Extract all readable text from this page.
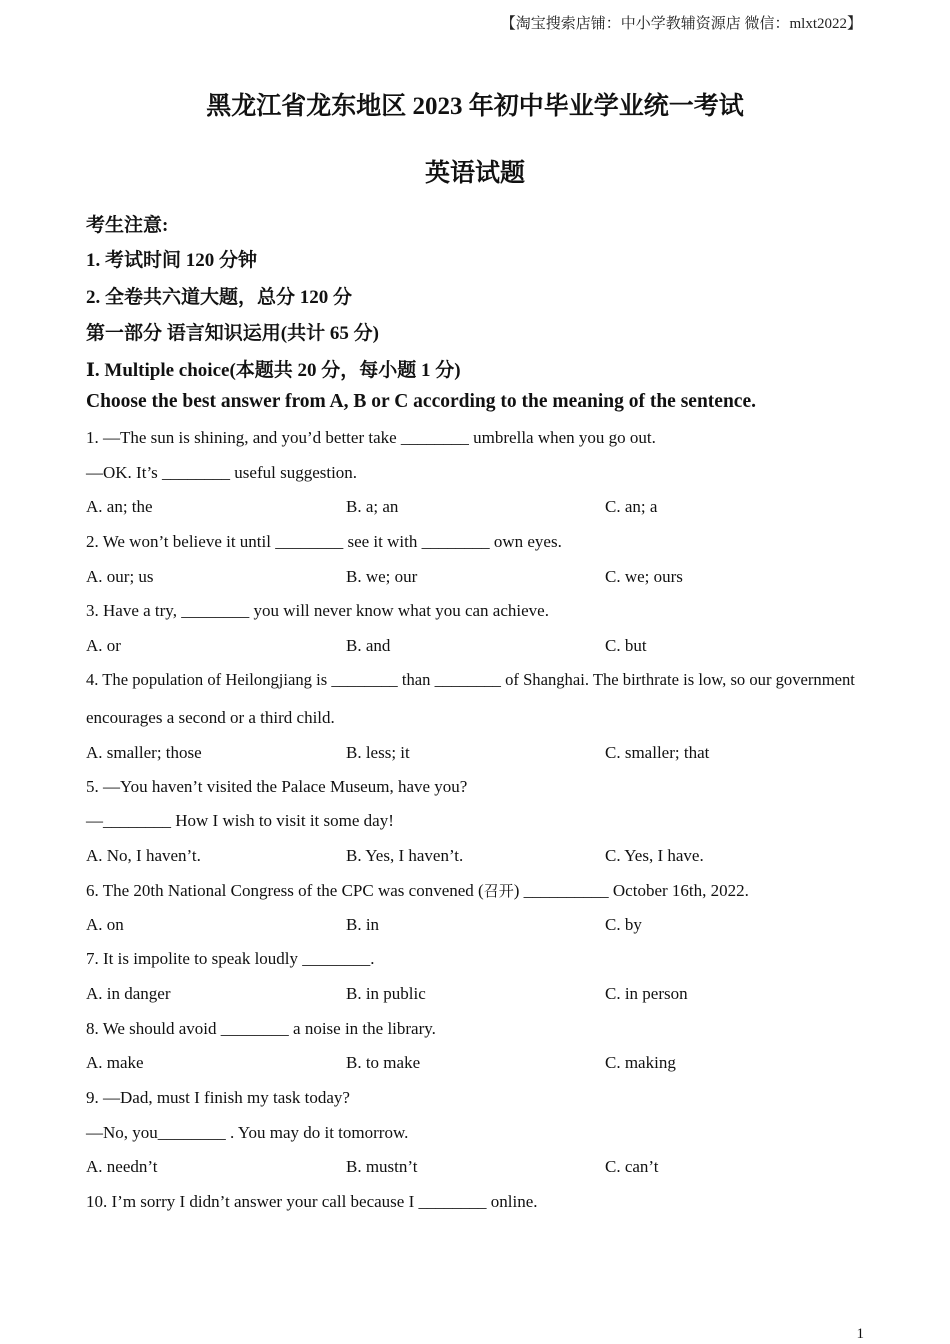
【淘宝搜索店铺：中小学教辅资源店 微信：mlxt2022】
黑龙江省龙东地区 2023 年初中毕业学业统一考试
英语试题
考生注意:
1. 考试时间 120 分钟
2. 全卷共六道大题，总分 120 分
第一部分 语言知识运用(共计 65 分)
Ⅰ. Multiple choice(本题共 20 分，每小题 1 分)
Choose the best answer from A, B or C according to the meaning of the sentence.
1. —The sun is shining, and you’d better take ________ umbrella when you go out.
—OK. It’s ________ useful suggestion.
A. an; the	B. a; an	C. an; a
2. We won’t believe it until ________ see it with ________ own eyes.
A. our; us	B. we; our	C. we; ours
3. Have a try, ________ you will never know what you can achieve.
A. or	B. and	C. but
4. The population of Heilongjiang is ________ than ________ of Shanghai. The birthrate is low, so our government
encourages a second or a third child.
A. smaller; those	B. less; it	C. smaller; that
5. —You haven’t visited the Palace Museum, have you?
—________ How I wish to visit it some day!
A. No, I haven’t.	B. Yes, I haven’t.	C. Yes, I have.
6. The 20th National Congress of the CPC was convened (召开) __________ October 16th, 2022.
A. on	B. in	C. by
7. It is impolite to speak loudly ________.
A. in danger	B. in public	C. in person
8. We should avoid ________ a noise in the library.
A. make	B. to make	C. making
9. —Dad, must I finish my task today?
—No, you________ . You may do it tomorrow.
A. needn’t	B. mustn’t	C. can’t
10. I’m sorry I didn’t answer your call because I ________ online.
1
